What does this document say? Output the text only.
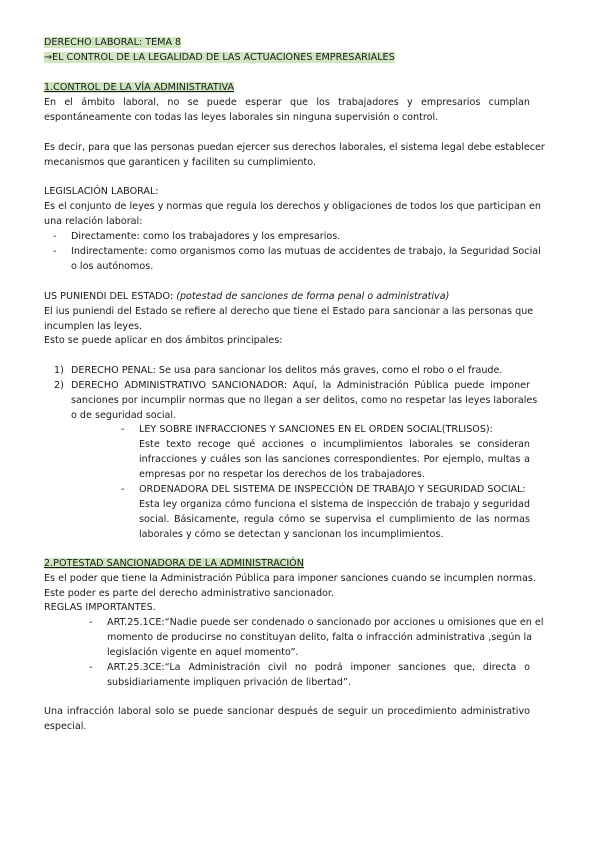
DERECHO LABORAL: TEMA 8
→EL CONTROL DE LA LEGALIDAD DE LAS ACTUACIONES EMPRESARIALES
1.CONTROL DE LA VÍA ADMINISTRATIVA
En el ámbito laboral, no se puede esperar que los trabajadores y empresarios cumplan
espontáneamente con todas las leyes laborales sin ninguna supervisión o control.
Es decir, para que las personas puedan ejercer sus derechos laborales, el sistema legal debe establecer
mecanismos que garanticen y faciliten su cumplimiento.
LEGISLACIÓN LABORAL:
Es el conjunto de leyes y normas que regula los derechos y obligaciones de todos los que participan en
una relación laboral:
- Directamente: como los trabajadores y los empresarios.
- Indirectamente: como organismos como las mutuas de accidentes de trabajo, la Seguridad Social
o los autónomos.
US PUNIENDI DEL ESTADO: (potestad de sanciones de forma penal o administrativa)
El ius puniendi del Estado se refiere al derecho que tiene el Estado para sancionar a las personas que
incumplen las leyes.
Esto se puede aplicar en dos ámbitos principales:
1) DERECHO PENAL: Se usa para sancionar los delitos más graves, como el robo o el fraude.
2) DERECHO ADMINISTRATIVO SANCIONADOR: Aquí, la Administración Pública puede imponer
sanciones por incumplir normas que no llegan a ser delitos, como no respetar las leyes laborales
o de seguridad social.
- LEY SOBRE INFRACCIONES Y SANCIONES EN EL ORDEN SOCIAL(TRLISOS):
Este texto recoge qué acciones o incumplimientos laborales se consideran
infracciones y cuáles son las sanciones correspondientes. Por ejemplo, multas a
empresas por no respetar los derechos de los trabajadores.
- ORDENADORA DEL SISTEMA DE INSPECCIÓN DE TRABAJO Y SEGURIDAD SOCIAL:
Esta ley organiza cómo funciona el sistema de inspección de trabajo y seguridad
social. Básicamente, regula cómo se supervisa el cumplimiento de las normas
laborales y cómo se detectan y sancionan los incumplimientos.
2.POTESTAD SANCIONADORA DE LA ADMINISTRACIÓN
Es el poder que tiene la Administración Pública para imponer sanciones cuando se incumplen normas.
Este poder es parte del derecho administrativo sancionador.
REGLAS IMPORTANTES.
- ART.25.1CE:“Nadie puede ser condenado o sancionado por acciones u omisiones que en el
momento de producirse no constituyan delito, falta o infracción administrativa ,según la
legislación vigente en aquel momento”.
- ART.25.3CE:“La Administración civil no podrá imponer sanciones que, directa o
subsidiariamente impliquen privación de libertad”.
Una infracción laboral solo se puede sancionar después de seguir un procedimiento administrativo
especial.
